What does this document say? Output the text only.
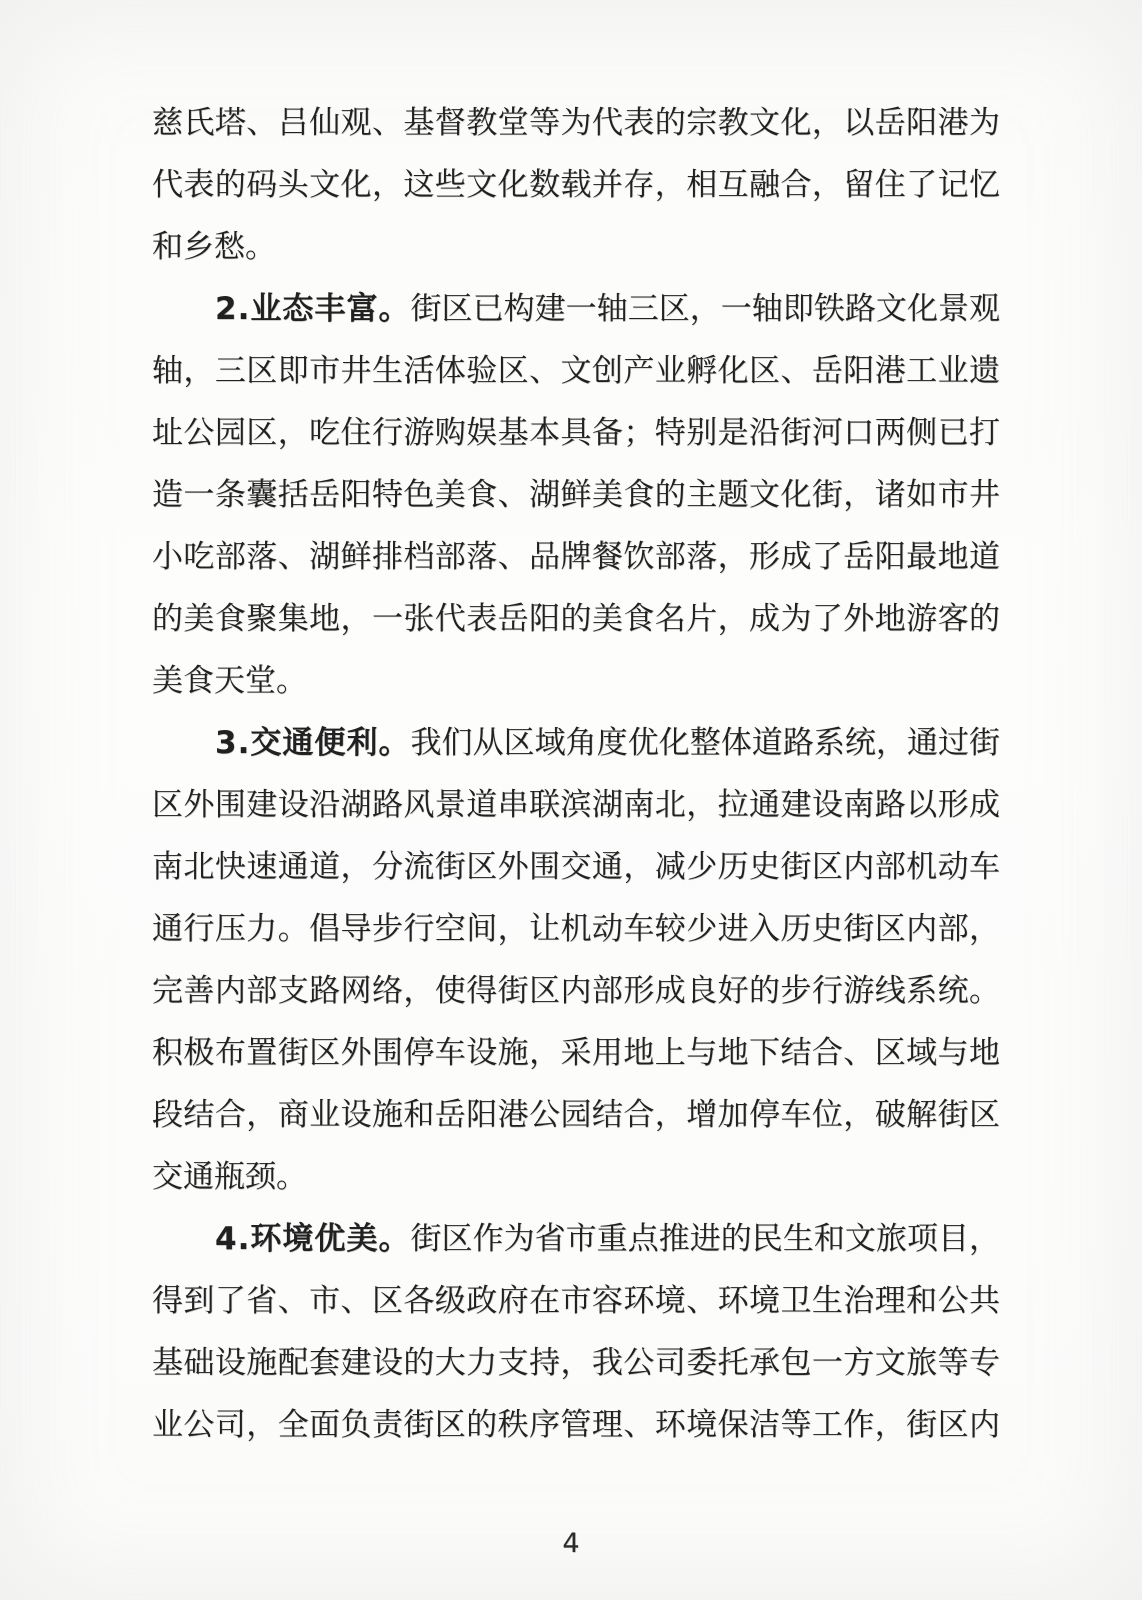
慈氏塔、吕仙观、基督教堂等为代表的宗教文化，以岳阳港为
代表的码头文化，这些文化数载并存，相互融合，留住了记忆
和乡愁。
2.业态丰富。街区已构建一轴三区，一轴即铁路文化景观
轴，三区即市井生活体验区、文创产业孵化区、岳阳港工业遗
址公园区，吃住行游购娱基本具备；特别是沿街河口两侧已打
造一条囊括岳阳特色美食、湖鲜美食的主题文化街，诸如市井
小吃部落、湖鲜排档部落、品牌餐饮部落，形成了岳阳最地道
的美食聚集地，一张代表岳阳的美食名片，成为了外地游客的
美食天堂。
3.交通便利。我们从区域角度优化整体道路系统，通过街
区外围建设沿湖路风景道串联滨湖南北，拉通建设南路以形成
南北快速通道，分流街区外围交通，减少历史街区内部机动车
通行压力。倡导步行空间，让机动车较少进入历史街区内部，
完善内部支路网络，使得街区内部形成良好的步行游线系统。
积极布置街区外围停车设施，采用地上与地下结合、区域与地
段结合，商业设施和岳阳港公园结合，增加停车位，破解街区
交通瓶颈。
4.环境优美。街区作为省市重点推进的民生和文旅项目，
得到了省、市、区各级政府在市容环境、环境卫生治理和公共
基础设施配套建设的大力支持，我公司委托承包一方文旅等专
业公司，全面负责街区的秩序管理、环境保洁等工作，街区内
4
